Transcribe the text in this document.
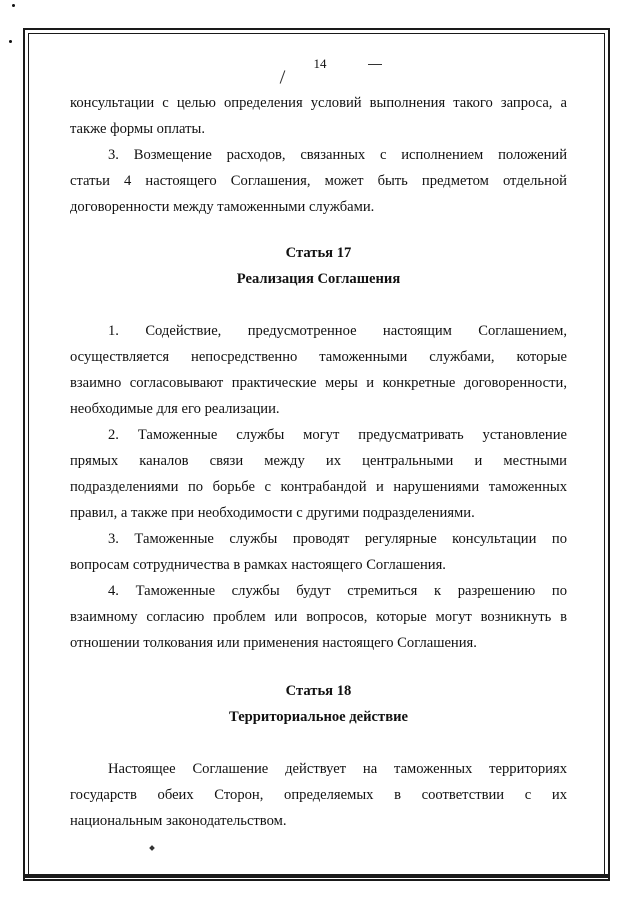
14
консультации с целью определения условий выполнения такого запроса, а
также формы оплаты.
3. Возмещение расходов, связанных с исполнением положений
статьи 4 настоящего Соглашения, может быть предметом отдельной
договоренности между таможенными службами.

Статья 17

Реализация Соглашения

1. Содействие, предусмотренное настоящим Соглашением,
осуществляется непосредственно таможенными службами, которые
взаимно согласовывают практические меры и конкретные договоренности,
необходимые для его реализации.
2. Таможенные службы могут предусматривать установление
прямых каналов связи между их центральными и местными
подразделениями по борьбе с контрабандой и нарушениями таможенных
правил, а также при необходимости с другими подразделениями.
3. Таможенные службы проводят регулярные консультации по
вопросам сотрудничества в рамках настоящего Соглашения.
4. Таможенные службы будут стремиться к разрешению по
взаимному согласию проблем или вопросов, которые могут возникнуть в
отношении толкования или применения настоящего Соглашения.

Статья 18

Территориальное действие

Настоящее Соглашение действует на таможенных территориях
государств обеих Сторон, определяемых в соответствии с их
национальным законодательством.
